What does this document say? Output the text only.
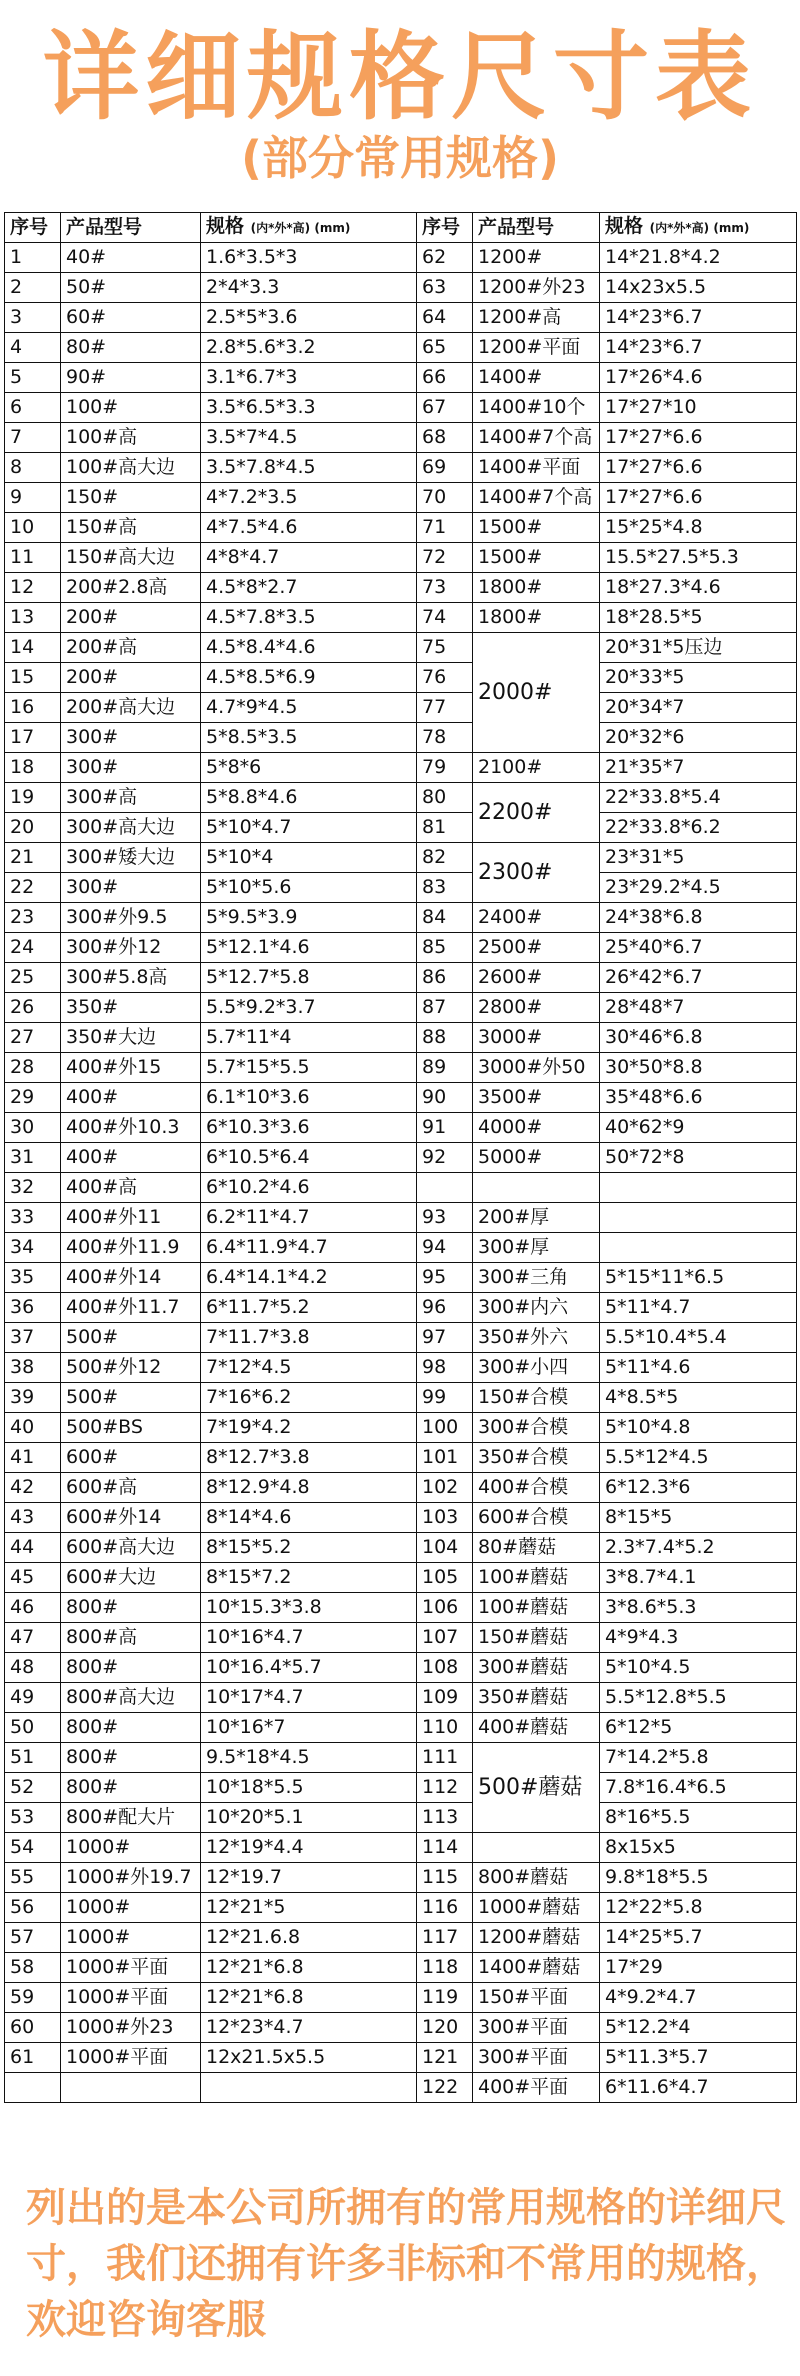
详细规格尺寸表
(部分常用规格)
序号	产品型号	规格 (内*外*高) (mm)	序号	产品型号	规格 (内*外*高) (mm)
1	40#	1.6*3.5*3	62	1200#	14*21.8*4.2
2	50#	2*4*3.3	63	1200#外23	14x23x5.5
3	60#	2.5*5*3.6	64	1200#高	14*23*6.7
4	80#	2.8*5.6*3.2	65	1200#平面	14*23*6.7
5	90#	3.1*6.7*3	66	1400#	17*26*4.6
6	100#	3.5*6.5*3.3	67	1400#10个	17*27*10
7	100#高	3.5*7*4.5	68	1400#7个高	17*27*6.6
8	100#高大边	3.5*7.8*4.5	69	1400#平面	17*27*6.6
9	150#	4*7.2*3.5	70	1400#7个高	17*27*6.6
10	150#高	4*7.5*4.6	71	1500#	15*25*4.8
11	150#高大边	4*8*4.7	72	1500#	15.5*27.5*5.3
12	200#2.8高	4.5*8*2.7	73	1800#	18*27.3*4.6
13	200#	4.5*7.8*3.5	74	1800#	18*28.5*5
14	200#高	4.5*8.4*4.6	75	2000#	20*31*5压边
15	200#	4.5*8.5*6.9	76		20*33*5
16	200#高大边	4.7*9*4.5	77		20*34*7
17	300#	5*8.5*3.5	78		20*32*6
18	300#	5*8*6	79	2100#	21*35*7
19	300#高	5*8.8*4.6	80	2200#	22*33.8*5.4
20	300#高大边	5*10*4.7	81		22*33.8*6.2
21	300#矮大边	5*10*4	82	2300#	23*31*5
22	300#	5*10*5.6	83		23*29.2*4.5
23	300#外9.5	5*9.5*3.9	84	2400#	24*38*6.8
24	300#外12	5*12.1*4.6	85	2500#	25*40*6.7
25	300#5.8高	5*12.7*5.8	86	2600#	26*42*6.7
26	350#	5.5*9.2*3.7	87	2800#	28*48*7
27	350#大边	5.7*11*4	88	3000#	30*46*6.8
28	400#外15	5.7*15*5.5	89	3000#外50	30*50*8.8
29	400#	6.1*10*3.6	90	3500#	35*48*6.6
30	400#外10.3	6*10.3*3.6	91	4000#	40*62*9
31	400#	6*10.5*6.4	92	5000#	50*72*8
32	400#高	6*10.2*4.6			
33	400#外11	6.2*11*4.7	93	200#厚	
34	400#外11.9	6.4*11.9*4.7	94	300#厚	
35	400#外14	6.4*14.1*4.2	95	300#三角	5*15*11*6.5
36	400#外11.7	6*11.7*5.2	96	300#内六	5*11*4.7
37	500#	7*11.7*3.8	97	350#外六	5.5*10.4*5.4
38	500#外12	7*12*4.5	98	300#小四	5*11*4.6
39	500#	7*16*6.2	99	150#合模	4*8.5*5
40	500#BS	7*19*4.2	100	300#合模	5*10*4.8
41	600#	8*12.7*3.8	101	350#合模	5.5*12*4.5
42	600#高	8*12.9*4.8	102	400#合模	6*12.3*6
43	600#外14	8*14*4.6	103	600#合模	8*15*5
44	600#高大边	8*15*5.2	104	80#蘑菇	2.3*7.4*5.2
45	600#大边	8*15*7.2	105	100#蘑菇	3*8.7*4.1
46	800#	10*15.3*3.8	106	100#蘑菇	3*8.6*5.3
47	800#高	10*16*4.7	107	150#蘑菇	4*9*4.3
48	800#	10*16.4*5.7	108	300#蘑菇	5*10*4.5
49	800#高大边	10*17*4.7	109	350#蘑菇	5.5*12.8*5.5
50	800#	10*16*7	110	400#蘑菇	6*12*5
51	800#	9.5*18*4.5	111	500#蘑菇	7*14.2*5.8
52	800#	10*18*5.5	112		7.8*16.4*6.5
53	800#配大片	10*20*5.1	113		8*16*5.5
54	1000#	12*19*4.4	114		8x15x5
55	1000#外19.7	12*19.7	115	800#蘑菇	9.8*18*5.5
56	1000#	12*21*5	116	1000#蘑菇	12*22*5.8
57	1000#	12*21.6.8	117	1200#蘑菇	14*25*5.7
58	1000#平面	12*21*6.8	118	1400#蘑菇	17*29
59	1000#平面	12*21*6.8	119	150#平面	4*9.2*4.7
60	1000#外23	12*23*4.7	120	300#平面	5*12.2*4
61	1000#平面	12x21.5x5.5	121	300#平面	5*11.3*5.7
			122	400#平面	6*11.6*4.7

列出的是本公司所拥有的常用规格的详细尺寸，我们还拥有许多非标和不常用的规格，欢迎咨询客服
